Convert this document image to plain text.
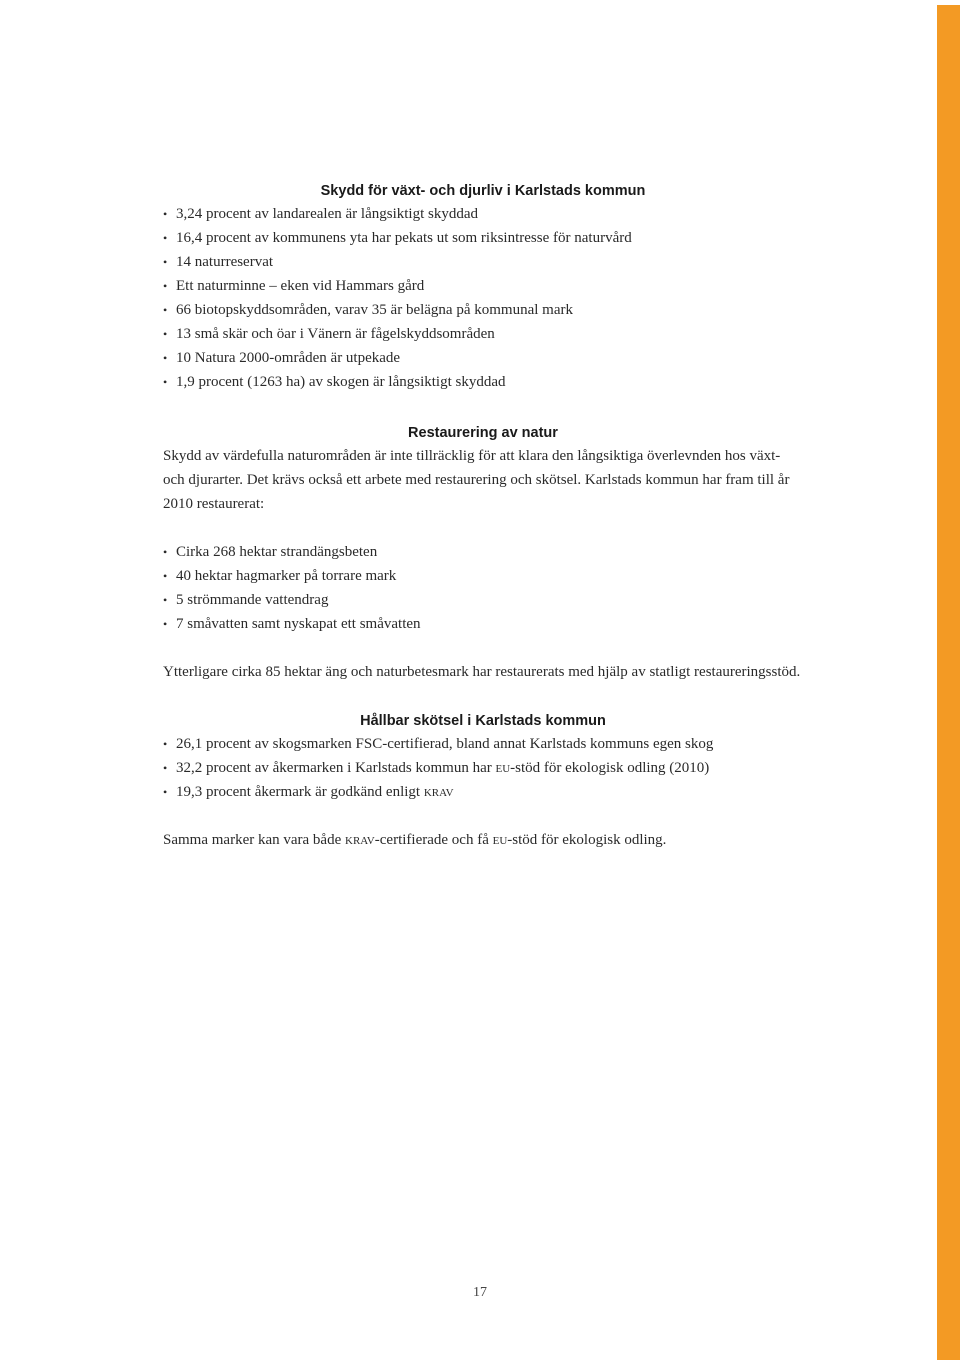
Skydd för växt- och djurliv i Karlstads kommun
• 3,24 procent av landarealen är långsiktigt skyddad
• 16,4 procent av kommunens yta har pekats ut som riksintresse för naturvård
• 14 naturreservat
• Ett naturminne – eken vid Hammars gård
• 66 biotopskyddsområden, varav 35 är belägna på kommunal mark
• 13 små skär och öar i Vänern är fågelskyddsområden
• 10 Natura 2000-områden är utpekade
• 1,9 procent (1263 ha) av skogen är långsiktigt skyddad
Restaurering av natur

Skydd av värdefulla naturområden är inte tillräcklig för att klara den långsiktiga överlevnden hos växt- och djurarter. Det krävs också ett arbete med restaurering och skötsel. Karlstads kommun har fram till år 2010 restaurerat:

• Cirka 268 hektar strandängsbeten
• 40 hektar hagmarker på torrare mark
• 5 strömmande vattendrag
• 7 småvatten samt nyskapat ett småvatten

Ytterligare cirka 85 hektar äng och naturbetesmark har restaurerats med hjälp av statligt restaureringsstöd.

Hållbar skötsel i Karlstads kommun
• 26,1 procent av skogsmarken FSC-certifierad, bland annat Karlstads kommuns egen skog
• 32,2 procent av åkermarken i Karlstads kommun har eu-stöd för ekologisk odling (2010)
• 19,3 procent åkermark är godkänd enligt krav

Samma marker kan vara både krav-certifierade och få eu-stöd för ekologisk odling.

17
